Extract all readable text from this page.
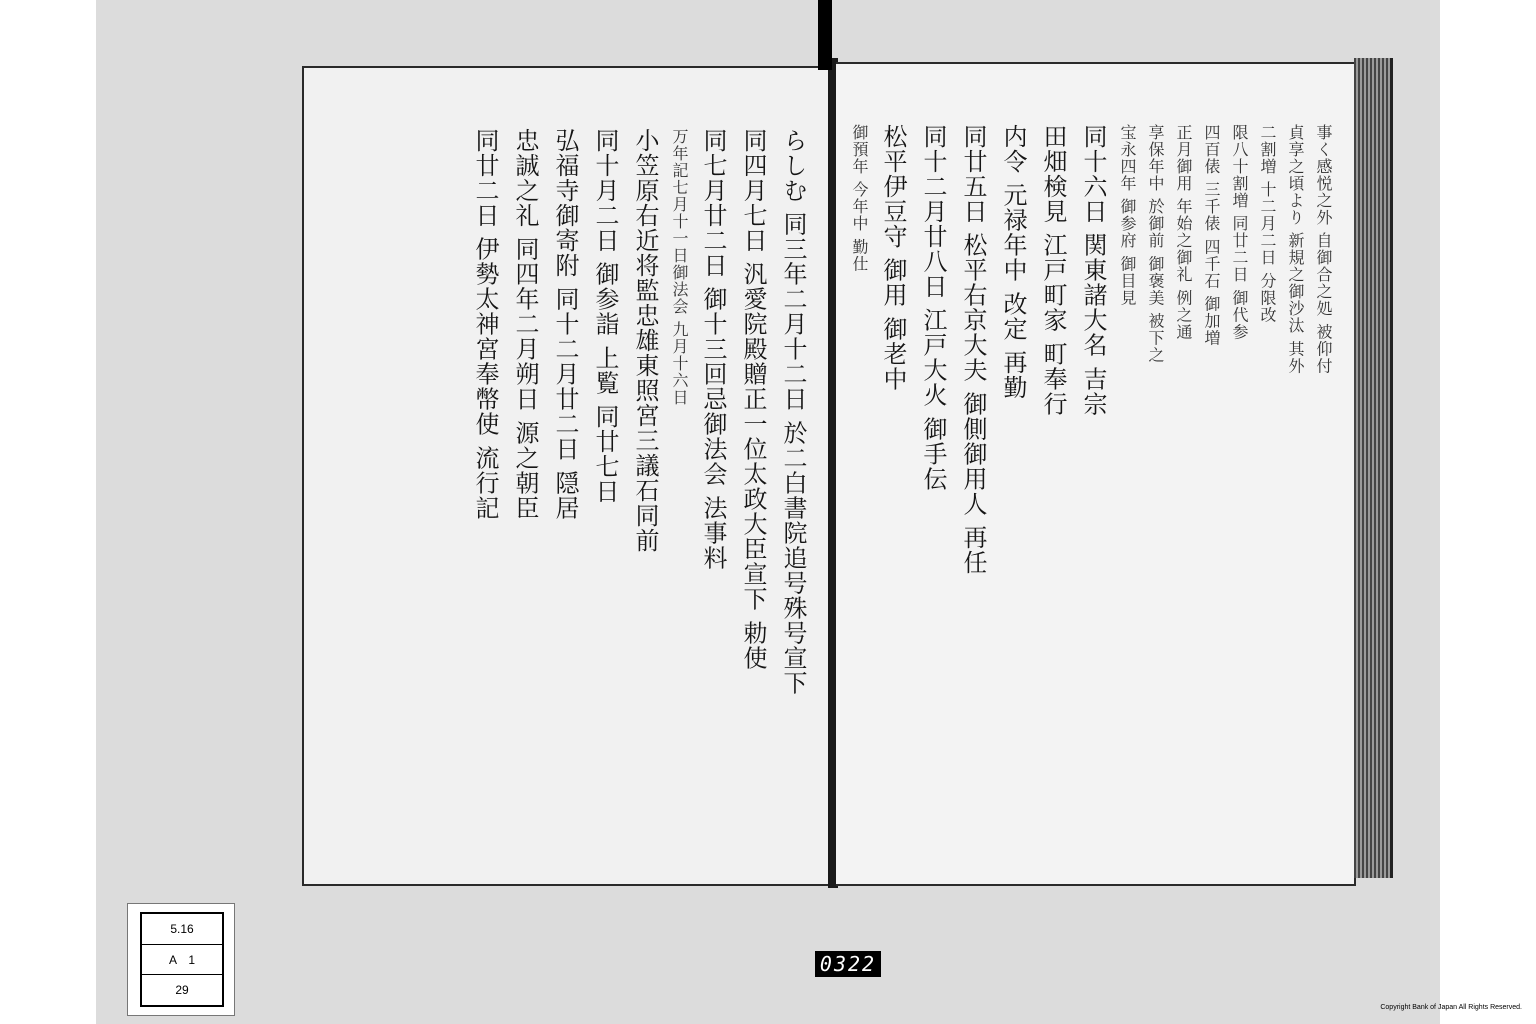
らしむ 同三年二月十二日 於二白書院追号殊号宣下
同四月七日 汎愛院殿贈正一位太政大臣宣下 勅使
同七月廿二日 御十三回忌御法会 法事料
万年記七月十一日御法会 九月十六日
小笠原右近将監忠雄東照宮三議石同前
同十月二日 御参詣 上覧 同廿七日
弘福寺御寄附 同十二月廿二日 隠居
忠誠之礼 同四年二月朔日 源之朝臣
同廿二日 伊勢太神宮奉幣使 流行記	事く感悦之外 自御合之処 被仰付
貞享之頃より 新規之御沙汰 其外
二割増 十二月二日 分限改
限八十割増 同廿二日 御代参
四百俵 三千俵 四千石 御加増
正月御用 年始之御礼 例之通
享保年中 於御前 御褒美 被下之
宝永四年 御参府 御目見
同十六日 関東諸大名 吉宗
田畑検見 江戸町家 町奉行
内令 元禄年中 改定 再勤
同廿五日 松平右京大夫 御側御用人 再任
同十二月廿八日 江戸大火 御手伝
松平伊豆守 御用 御老中
御預年 今年中 勤仕
5.16
A　1
29
0322
Copyright Bank of Japan All Rights Reserved.
